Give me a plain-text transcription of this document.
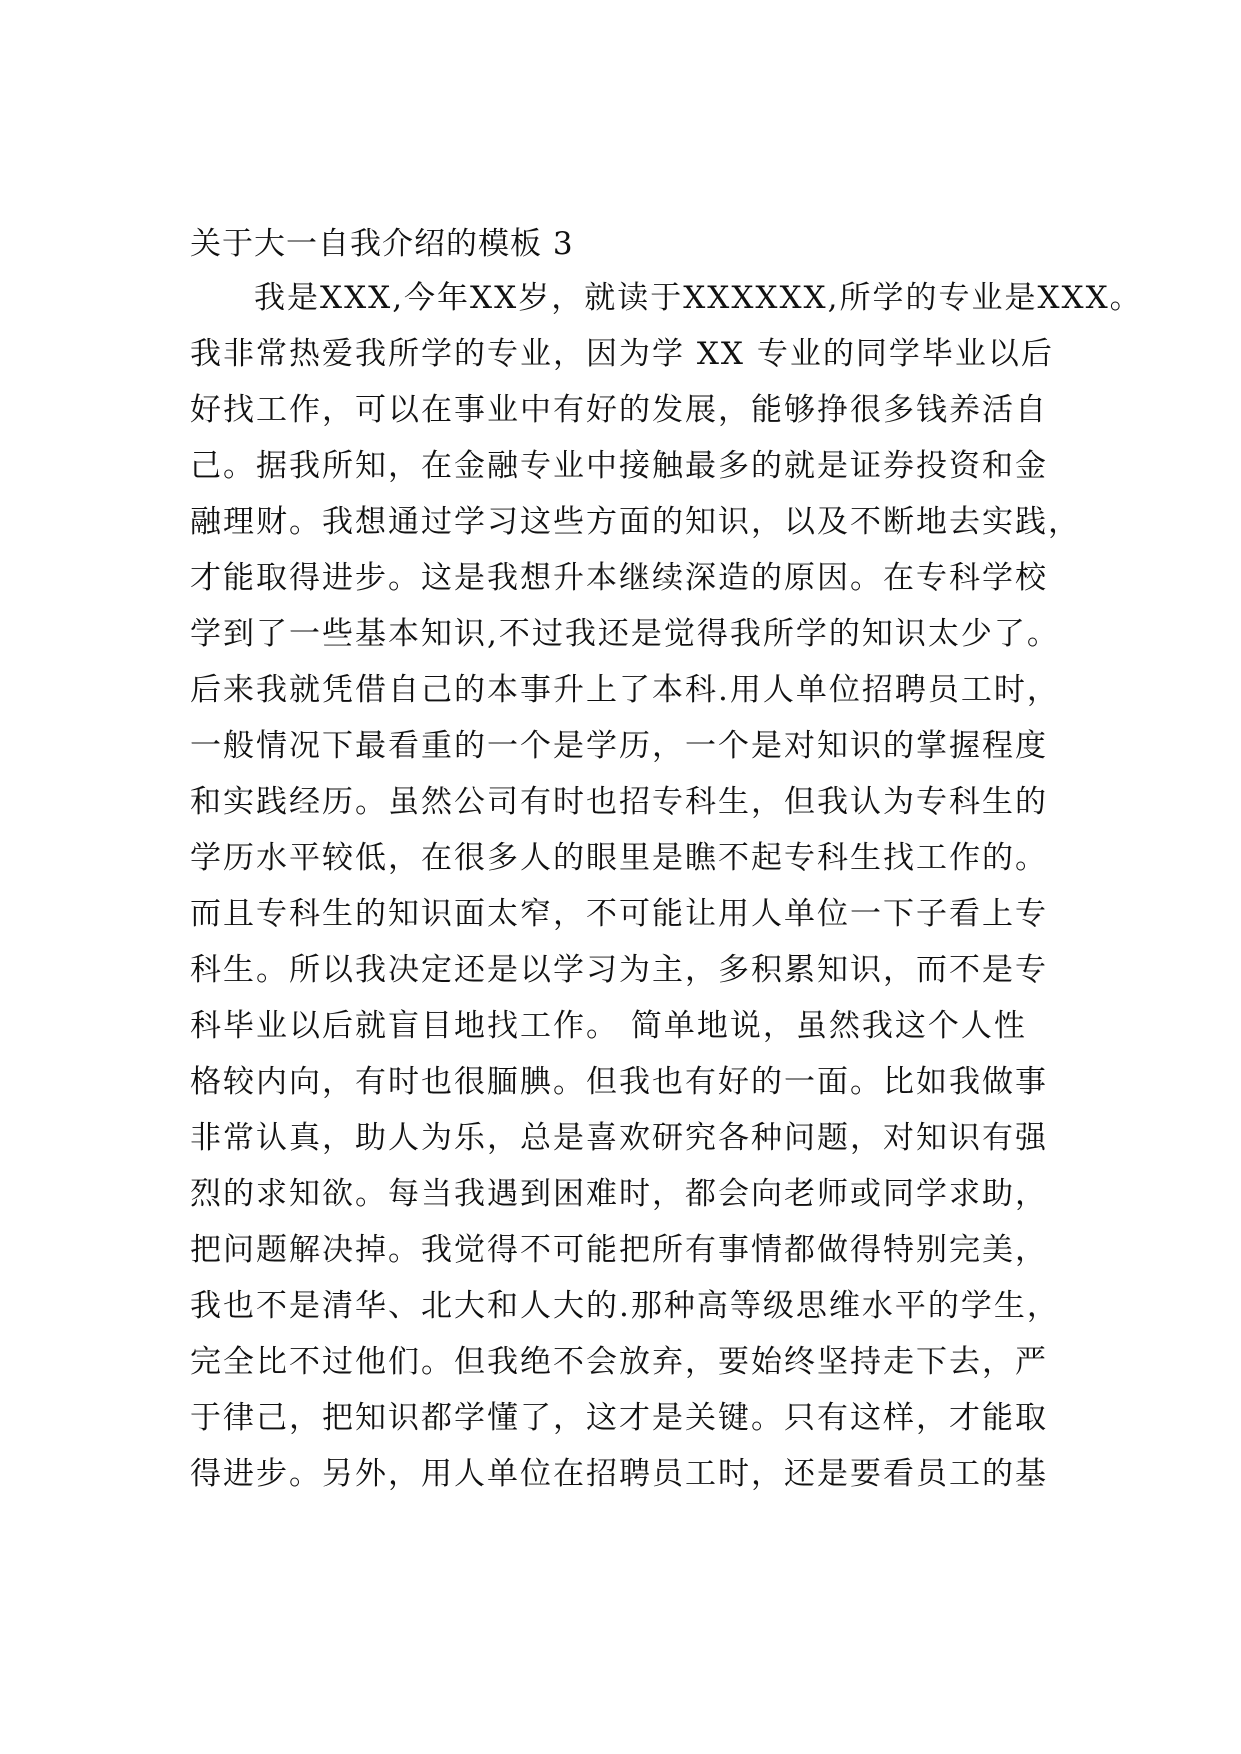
关于大一自我介绍的模板 3
我是XXX,今年XX岁，就读于XXXXXX,所学的专业是XXX。
我非常热爱我所学的专业，因为学 XX 专业的同学毕业以后
好找工作，可以在事业中有好的发展，能够挣很多钱养活自
己。据我所知，在金融专业中接触最多的就是证券投资和金
融理财。我想通过学习这些方面的知识，以及不断地去实践，
才能取得进步。这是我想升本继续深造的原因。在专科学校
学到了一些基本知识,不过我还是觉得我所学的知识太少了。
后来我就凭借自己的本事升上了本科.用人单位招聘员工时，
一般情况下最看重的一个是学历，一个是对知识的掌握程度
和实践经历。虽然公司有时也招专科生，但我认为专科生的
学历水平较低，在很多人的眼里是瞧不起专科生找工作的。
而且专科生的知识面太窄，不可能让用人单位一下子看上专
科生。所以我决定还是以学习为主，多积累知识，而不是专
科毕业以后就盲目地找工作。 简单地说，虽然我这个人性
格较内向，有时也很腼腆。但我也有好的一面。比如我做事
非常认真，助人为乐，总是喜欢研究各种问题，对知识有强
烈的求知欲。每当我遇到困难时，都会向老师或同学求助，
把问题解决掉。我觉得不可能把所有事情都做得特别完美，
我也不是清华、北大和人大的.那种高等级思维水平的学生，
完全比不过他们。但我绝不会放弃，要始终坚持走下去，严
于律己，把知识都学懂了，这才是关键。只有这样，才能取
得进步。另外，用人单位在招聘员工时，还是要看员工的基
